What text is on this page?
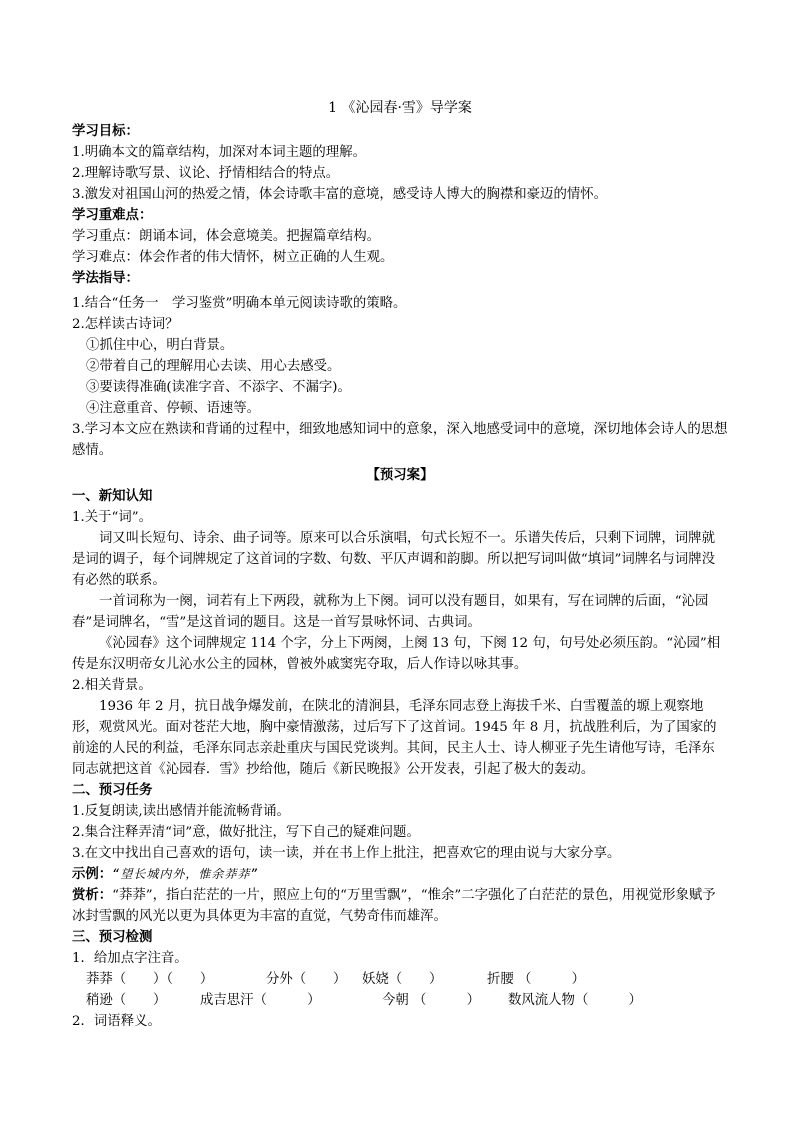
1 《沁园春·雪》导学案

学习目标：

1.明确本文的篇章结构，加深对本词主题的理解。

2.理解诗歌写景、议论、抒情相结合的特点。

3.激发对祖国山河的热爱之情，体会诗歌丰富的意境，感受诗人博大的胸襟和豪迈的情怀。

学习重难点：

学习重点：朗诵本词，体会意境美。把握篇章结构。

学习难点：体会作者的伟大情怀，树立正确的人生观。

学法指导：

1.结合“任务一　学习鉴赏”明确本单元阅读诗歌的策略。

2.怎样读古诗词？

①抓住中心，明白背景。

②带着自己的理解用心去读、用心去感受。

③要读得准确(读准字音、不添字、不漏字)。

④注意重音、停顿、语速等。

3.学习本文应在熟读和背诵的过程中，细致地感知词中的意象，深入地感受词中的意境，深切地体会诗人的思想感情。

【预习案】

一、新知认知

1.关于“词”。

词又叫长短句、诗余、曲子词等。原来可以合乐演唱，句式长短不一。乐谱失传后，只剩下词牌，词牌就是词的调子，每个词牌规定了这首词的字数、句数、平仄声调和韵脚。所以把写词叫做“填词”词牌名与词牌没有必然的联系。

一首词称为一阕，词若有上下两段，就称为上下阕。词可以没有题目，如果有，写在词牌的后面，“沁园春”是词牌名，“雪”是这首词的题目。这是一首写景咏怀词、古典词。

《沁园春》这个词牌规定 114 个字，分上下两阕，上阕 13 句，下阕 12 句，句号处必须压韵。“沁园”相传是东汉明帝女儿沁水公主的园林，曾被外戚窦宪夺取，后人作诗以咏其事。

2.相关背景。

1936 年 2 月，抗日战争爆发前，在陕北的清涧县，毛泽东同志登上海拔千米、白雪覆盖的塬上观察地形，观赏风光。面对苍茫大地，胸中豪情激荡，过后写下了这首词。1945 年 8 月，抗战胜利后，为了国家的前途的人民的利益，毛泽东同志亲赴重庆与国民党谈判。其间，民主人士、诗人柳亚子先生请他写诗，毛泽东同志就把这首《沁园春．雪》抄给他，随后《新民晚报》公开发表，引起了极大的轰动。

二、预习任务

1.反复朗读,读出感情并能流畅背诵。

2.集合注释弄清“词”意，做好批注，写下自己的疑难问题。

3.在文中找出自己喜欢的语句，读一读，并在书上作上批注，把喜欢它的理由说与大家分享。

示例：“望长城内外，惟余莽莽”

赏析：“莽莽”，指白茫茫的一片，照应上句的“万里雪飘”，“惟余”二字强化了白茫茫的景色，用视觉形象赋予冰封雪飘的风光以更为具体更为丰富的直觉，气势奇伟而雄浑。

三、预习检测

1．给加点字注音。

莽莽（　　）（　　）	分外（　　）	妖娆（　　）	折腰 （　　　）
稍逊（　　）	成吉思汗（　　　）	今朝 （　　　）	数风流人物（　　　）

2．词语释义。
